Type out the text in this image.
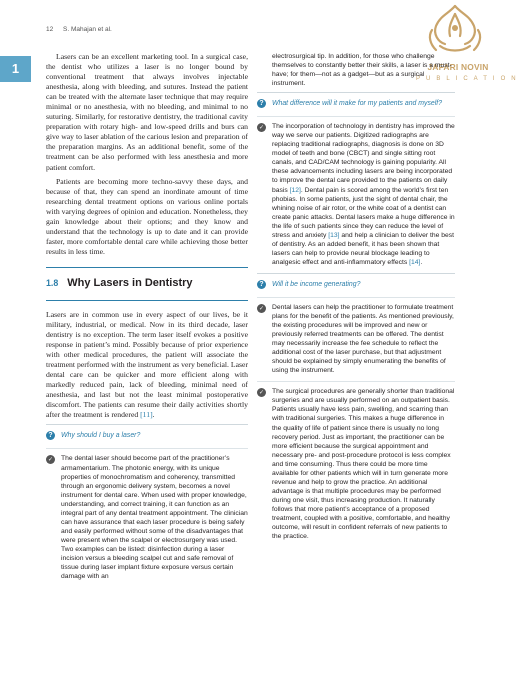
12 S. Mahajan et al.
1	JAFARI NOVIN
PUBLICATION

Lasers can be an excellent marketing tool. In a surgical case, the dentist who utilizes a laser is no longer bound by conventional treatment that always involves injectable anesthesia, along with bleeding, and sutures. Instead the patient can be treated with the alternate laser technique that may require minimal or no anesthesia, with no bleeding, and minimal to no suturing. Similarly, for restorative dentistry, the traditional cavity preparation with rotary high- and low-speed drills and burs can give way to laser ablation of the carious lesion and preparation of the preparation margins. As an additional benefit, some of the treatment can be also performed with less anesthesia and more patient comfort.

Patients are becoming more techno-savvy these days, and because of that, they can spend an inordinate amount of time researching dental treatment options on various online portals with varying degrees of opinion and education. Nonetheless, they gain knowledge about their options; and they know and understand that the technology is up to date and it can provide faster, more comfortable dental care while achieving those better results in less time.

1.8 Why Lasers in Dentistry

Lasers are in common use in every aspect of our lives, be it military, industrial, or medical. Now in its third decade, laser dentistry is no exception. The term laser itself evokes a positive response in patient’s mind. Possibly because of prior experience with other medical procedures, the patient will associate the treatment performed with the instrument as very beneficial. Laser dental care can be quicker and more efficient along with markedly reduced pain, lack of bleeding, minimal need of anesthesia, and last but not the least minimal postoperative discomfort. The patients can resume their daily activities shortly after the treatment is rendered [11].

?	Why should I buy a laser?
✓ The dental laser should become part of the practitioner’s armamentarium. The photonic energy, with its unique properties of monochromatism and coherency, transmitted through an ergonomic delivery system, becomes a novel instrument for dental care. When used with proper knowledge, understanding, and correct training, it can function as an integral part of any dental treatment appointment. The clinician can have assurance that each laser procedure is being safely and easily performed without some of the disadvantages that were present when the scalpel or electrosurgery was used. Two examples can be listed: disinfection during a laser incision versus a bleeding scalpel cut and safe removal of tissue during laser implant fixture exposure versus certain damage with an

electrosurgical tip. In addition, for those who challenge themselves to constantly better their skills, a laser is a must-have; for them—not as a gadget—but as a surgical instrument.

?	What difference will it make for my patients and myself?
✓ The incorporation of technology in dentistry has improved the way we serve our patients. Digitized radiographs are replacing traditional radiographs, diagnosis is done on 3D model of teeth and bone (CBCT) and single sitting root canals, and CAD/CAM technology is gaining popularity. All these advancements including lasers are being incorporated to improve the dental care provided to the patients on daily basis [12]. Dental pain is scored among the world’s first ten phobias. In some patients, just the sight of dental chair, the whining noise of air rotor, or the white coat of a dentist can create panic attacks. Dental lasers make a huge difference in the life of such patients since they can reduce the level of stress and anxiety [13] and help a clinician to deliver the best of dentistry. As an added benefit, it has been shown that lasers can help to provide neural blockage leading to analgesic effect and anti-inflammatory effects [14].
?	Will it be income generating?
✓ Dental lasers can help the practitioner to formulate treatment plans for the benefit of the patients. As mentioned previously, the existing procedures will be improved and new or previously referred treatments can be offered. The dentist may necessarily increase the fee schedule to reflect the additional cost of the laser purchase, but that adjustment should be explained by simply enumerating the benefits of using the instrument.
✓ The surgical procedures are generally shorter than traditional surgeries and are usually performed on an outpatient basis. Patients usually have less pain, swelling, and scarring than with traditional surgeries. This makes a huge difference in the quality of life of patient since there is usually no long recovery period. Just as important, the practitioner can be more efficient because the surgical appointment and necessary pre- and post-procedure protocol is less complex and time consuming. Thus there could be more time available for other patients which will in turn generate more revenue and help to grow the practice. An additional advantage is that multiple procedures may be performed during one visit, thus increasing production. It naturally follows that more patient’s acceptance of a proposed treatment, coupled with a positive, comfortable, and healthy outcome, will result in confident referrals of new patients to the practice.
